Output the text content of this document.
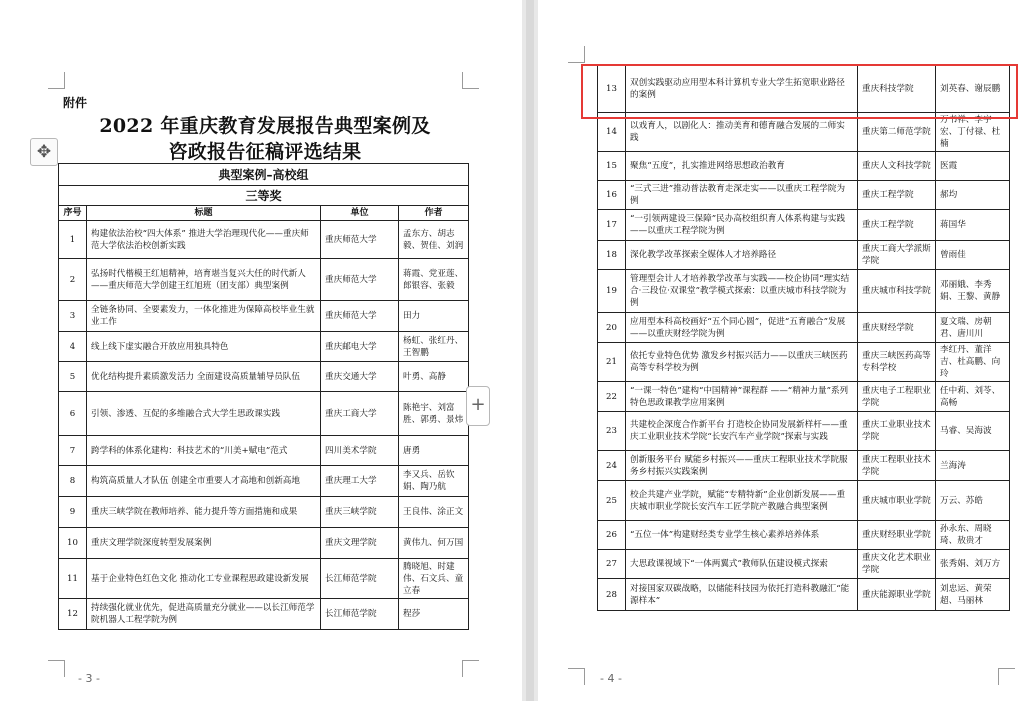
附件
2022 年重庆教育发展报告典型案例及
咨政报告征稿评选结果
✥
典型案例–高校组			
三等奖			
序号	标题	单位	作者
1	构建依法治校“四大体系” 推进大学治理现代化——重庆师范大学依法治校创新实践	重庆师范大学	孟东方、胡志毅、贺佳、刘润
2	弘扬时代楷模王红旭精神，培育堪当复兴大任的时代新人——重庆师范大学创建王红旭班（团支部）典型案例	重庆师范大学	蒋霞、党亚莲、郎银容、张毅
3	全链条协同、全要素发力，一体化推进为保障高校毕业生就业工作	重庆师范大学	田力
4	线上线下虚实融合开放应用独具特色	重庆邮电大学	杨虹、张红丹、王智鹏
5	优化结构提升素质激发活力 全面建设高质量辅导员队伍	重庆交通大学	叶勇、高静
6	引领、渗透、互促的多维融合式大学生思政课实践	重庆工商大学	陈艳宇、刘富胜、郭勇、景炜
7	跨学科的体系化建构：科技艺术的“川美+赋电”范式	四川美术学院	唐勇
8	构筑高质量人才队伍 创建全市重要人才高地和创新高地	重庆理工大学	李又兵、岳钦娟、陶乃航
9	重庆三峡学院在教师培养、能力提升等方面措施和成果	重庆三峡学院	王良伟、涂正文
10	重庆文理学院深度转型发展案例	重庆文理学院	黄伟九、何万国
11	基于企业特色红色文化 推动化工专业课程思政建设新发展	长江师范学院	腾晓旭、时建伟、石文兵、童立春
12	持续强化就业优先，促进高质量充分就业——以长江师范学院机器人工程学院为例	长江师范学院	程莎
+
- 3 -
13	双创实践驱动应用型本科计算机专业大学生拓宽职业路径的案例	重庆科技学院	刘英春、谢辰鹏
14	以戏育人，以剧化人：推动美育和德育融合发展的二师实践	重庆第二师范学院	万书祥、李宇宏、丁付禄、杜楠
15	聚焦“五度”，扎实推进网络思想政治教育	重庆人文科技学院	医霞
16	“三式三进”推动普法教育走深走实——以重庆工程学院为例	重庆工程学院	郝均
17	“一引领两建设三保障”民办高校组织育人体系构建与实践——以重庆工程学院为例	重庆工程学院	蒋国华
18	深化教学改革探索全媒体人才培养路径	重庆工商大学派斯学院	曾雨佳
19	管理型会计人才培养教学改革与实践——校企协同“理实结合·三段位·双课堂”教学模式探索：以重庆城市科技学院为例	重庆城市科技学院	邓丽娥、李秀娟、王黎、黄静
20	应用型本科高校画好“五个同心圆”，促进“五育融合”发展——以重庆财经学院为例	重庆财经学院	夏文瑞、房朝君、唐川川
21	依托专业特色优势 激发乡村振兴活力——以重庆三峡医药高等专科学校为例	重庆三峡医药高等专科学校	李红丹、董洋吉、杜高鹏、向玲
22	“一课一特色”建构“中国精神”课程群 ——“精神力量”系列特色思政课教学应用案例	重庆电子工程职业学院	任中莉、刘苓、高畅
23	共建校企深度合作新平台 打造校企协同发展新样杆——重庆工业职业技术学院“长安汽车产业学院”探索与实践	重庆工业职业技术学院	马睿、吴海波
24	创新服务平台 赋能乡村振兴——重庆工程职业技术学院服务乡村振兴实践案例	重庆工程职业技术学院	兰海涛
25	校企共建产业学院，赋能“专精特新”企业创新发展——重庆城市职业学院长安汽车工匠学院产教融合典型案例	重庆城市职业学院	万云、苏皓
26	“五位一体”构建财经类专业学生核心素养培养体系	重庆财经职业学院	孙永东、周晓琦、敖贵才
27	大思政课视域下“一体两翼式”教师队伍建设模式探索	重庆文化艺术职业学院	张秀娟、刘万方
28	对接国家双碳战略，以储能科技园为依托打造科教融汇“能源样本”	重庆能源职业学院	刘忠运、黄荣超、马丽林
- 4 -
